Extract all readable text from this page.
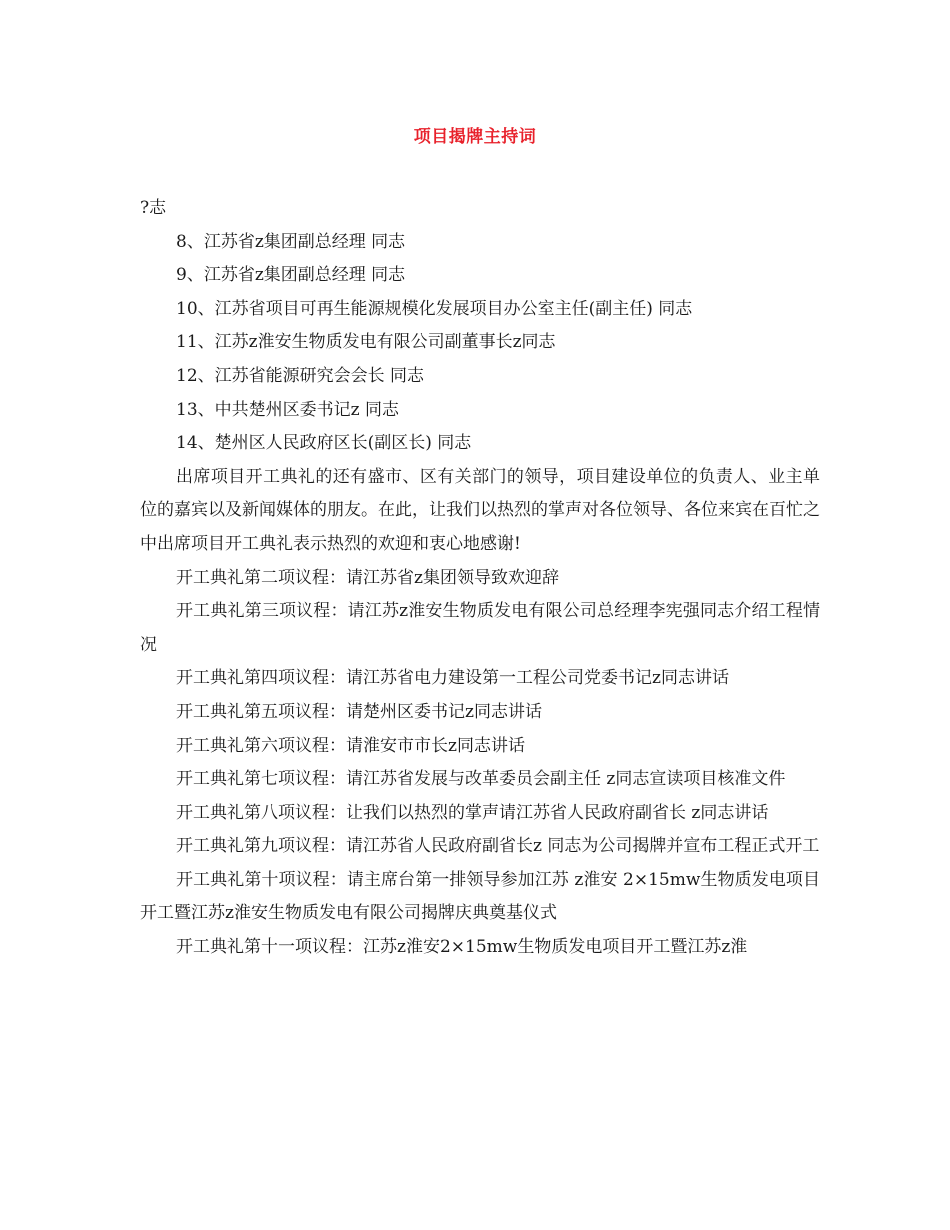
项目揭牌主持词
?志
8、江苏省z集团副总经理 同志
9、江苏省z集团副总经理 同志
10、江苏省项目可再生能源规模化发展项目办公室主任(副主任) 同志
11、江苏z淮安生物质发电有限公司副董事长z同志
12、江苏省能源研究会会长 同志
13、中共楚州区委书记z 同志
14、楚州区人民政府区长(副区长) 同志

出席项目开工典礼的还有盛市、区有关部门的领导，项目建设单位的负责人、业主单位的嘉宾以及新闻媒体的朋友。在此，让我们以热烈的掌声对各位领导、各位来宾在百忙之中出席项目开工典礼表示热烈的欢迎和衷心地感谢!

开工典礼第二项议程：请江苏省z集团领导致欢迎辞

开工典礼第三项议程：请江苏z淮安生物质发电有限公司总经理李宪强同志介绍工程情况

开工典礼第四项议程：请江苏省电力建设第一工程公司党委书记z同志讲话

开工典礼第五项议程：请楚州区委书记z同志讲话

开工典礼第六项议程：请淮安市市长z同志讲话

开工典礼第七项议程：请江苏省发展与改革委员会副主任 z同志宣读项目核准文件

开工典礼第八项议程：让我们以热烈的掌声请江苏省人民政府副省长 z同志讲话

开工典礼第九项议程：请江苏省人民政府副省长z 同志为公司揭牌并宣布工程正式开工

开工典礼第十项议程：请主席台第一排领导参加江苏 z淮安 2×15mw生物质发电项目开工暨江苏z淮安生物质发电有限公司揭牌庆典奠基仪式

开工典礼第十一项议程：江苏z淮安2×15mw生物质发电项目开工暨江苏z淮
